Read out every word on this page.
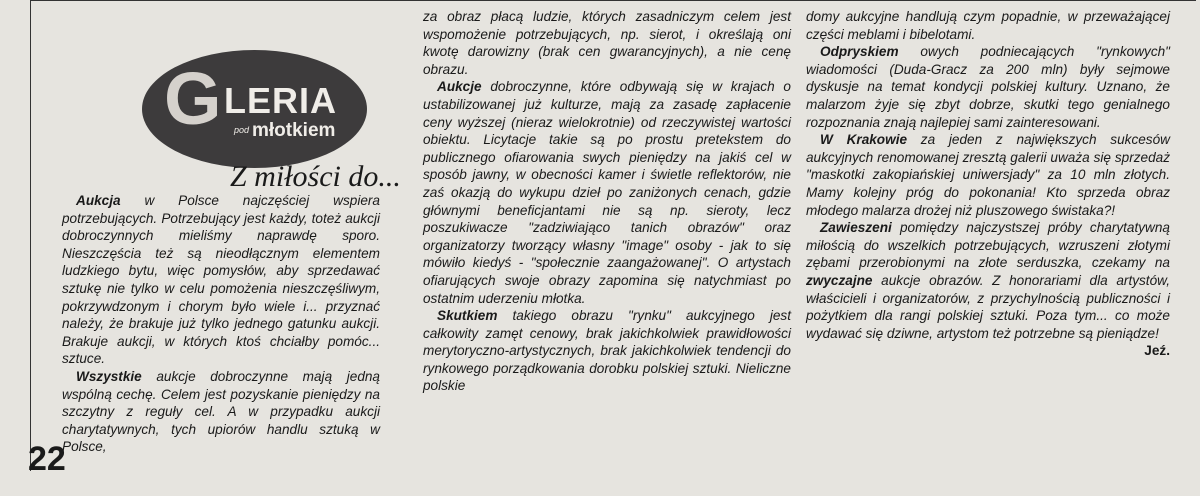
G LERIA
pod młotkiem
Z miłości do...

Aukcja w Polsce najczęściej wspiera potrzebujących. Potrzebujący jest każdy, toteż aukcji dobroczynnych mieliśmy naprawdę sporo. Nieszczęścia też są nieodłącznym elementem ludzkiego bytu, więc pomysłów, aby sprzedawać sztukę nie tylko w celu pomożenia nieszczęśliwym, pokrzywdzonym i chorym było wiele i... przyznać należy, że brakuje już tylko jednego gatunku aukcji. Brakuje aukcji, w których ktoś chciałby pomóc... sztuce.

Wszystkie aukcje dobroczynne mają jedną wspólną cechę. Celem jest pozyskanie pieniędzy na szczytny z reguły cel. A w przypadku aukcji charytatywnych, tych upiorów handlu sztuką w Polsce,

za obraz płacą ludzie, których zasadniczym celem jest wspomożenie potrzebujących, np. sierot, i określają oni kwotę darowizny (brak cen gwarancyjnych), a nie cenę obrazu.

Aukcje dobroczynne, które odbywają się w krajach o ustabilizowanej już kulturze, mają za zasadę zapłacenie ceny wyższej (nieraz wielokrotnie) od rzeczywistej wartości obiektu. Licytacje takie są po prostu pretekstem do publicznego ofiarowania swych pieniędzy na jakiś cel w sposób jawny, w obecności kamer i świetle reflektorów, nie zaś okazją do wykupu dzieł po zaniżonych cenach, gdzie głównymi beneficjantami nie są np. sieroty, lecz poszukiwacze "zadziwiająco tanich obrazów" oraz organizatorzy tworzący własny "image" osoby - jak to się mówiło kiedyś - "społecznie zaangażowanej". O artystach ofiarujących swoje obrazy zapomina się natychmiast po ostatnim uderzeniu młotka.

Skutkiem takiego obrazu "rynku" aukcyjnego jest całkowity zamęt cenowy, brak jakichkolwiek prawidłowości merytoryczno-artystycznych, brak jakichkolwiek tendencji do rynkowego porządkowania dorobku polskiej sztuki. Nieliczne polskie

domy aukcyjne handlują czym popadnie, w przeważającej części meblami i bibelotami.

Odpryskiem owych podniecających "rynkowych" wiadomości (Duda-Gracz za 200 mln) były sejmowe dyskusje na temat kondycji polskiej kultury. Uznano, że malarzom żyje się zbyt dobrze, skutki tego genialnego rozpoznania znają najlepiej sami zainteresowani.

W Krakowie za jeden z największych sukcesów aukcyjnych renomowanej zresztą galerii uważa się sprzedaż "maskotki zakopiańskiej uniwersjady" za 10 mln złotych. Mamy kolejny próg do pokonania! Kto sprzeda obraz młodego malarza drożej niż pluszowego świstaka?!

Zawieszeni pomiędzy najczystszej próby charytatywną miłością do wszelkich potrzebujących, wzruszeni złotymi zębami przerobionymi na złote serduszka, czekamy na zwyczajne aukcje obrazów. Z honorariami dla artystów, właścicieli i organizatorów, z przychylnością publiczności i pożytkiem dla rangi polskiej sztuki. Poza tym... co może wydawać się dziwne, artystom też potrzebne są pieniądze!
Jeź.

22
